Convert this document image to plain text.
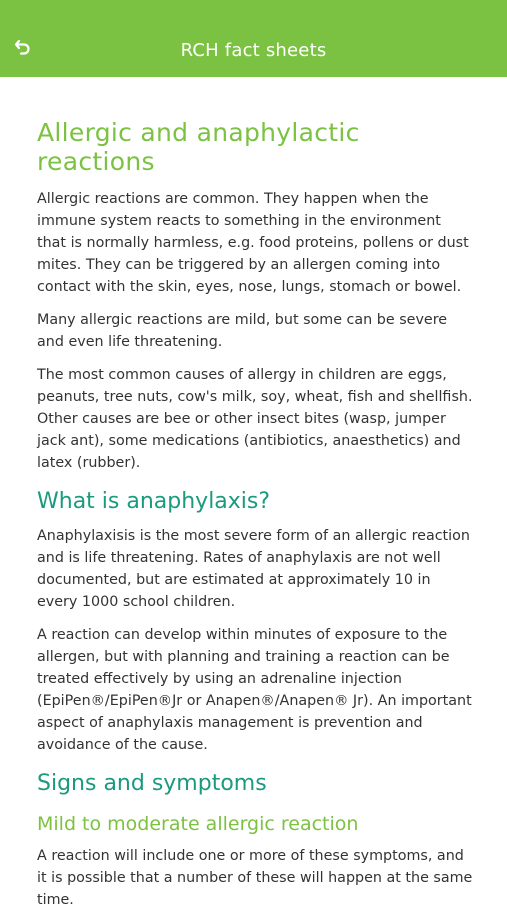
RCH fact sheets
Allergic and anaphylactic reactions

Allergic reactions are common. They happen when the immune system reacts to something in the environment that is normally harmless, e.g. food proteins, pollens or dust mites. They can be triggered by an allergen coming into contact with the skin, eyes, nose, lungs, stomach or bowel.

Many allergic reactions are mild, but some can be severe and even life threatening.

The most common causes of allergy in children are eggs, peanuts, tree nuts, cow's milk, soy, wheat, fish and shellfish. Other causes are bee or other insect bites (wasp, jumper jack ant), some medications (antibiotics, anaesthetics) and latex (rubber).

What is anaphylaxis?

Anaphylaxisis is the most severe form of an allergic reaction and is life threatening. Rates of anaphylaxis are not well documented, but are estimated at approximately 10 in every 1000 school children.

A reaction can develop within minutes of exposure to the allergen, but with planning and training a reaction can be treated effectively by using an adrenaline injection (EpiPen®/EpiPen®Jr or Anapen®/Anapen® Jr). An important aspect of anaphylaxis management is prevention and avoidance of the cause.

Signs and symptoms
Mild to moderate allergic reaction

A reaction will include one or more of these symptoms, and it is possible that a number of these will happen at the same time.
